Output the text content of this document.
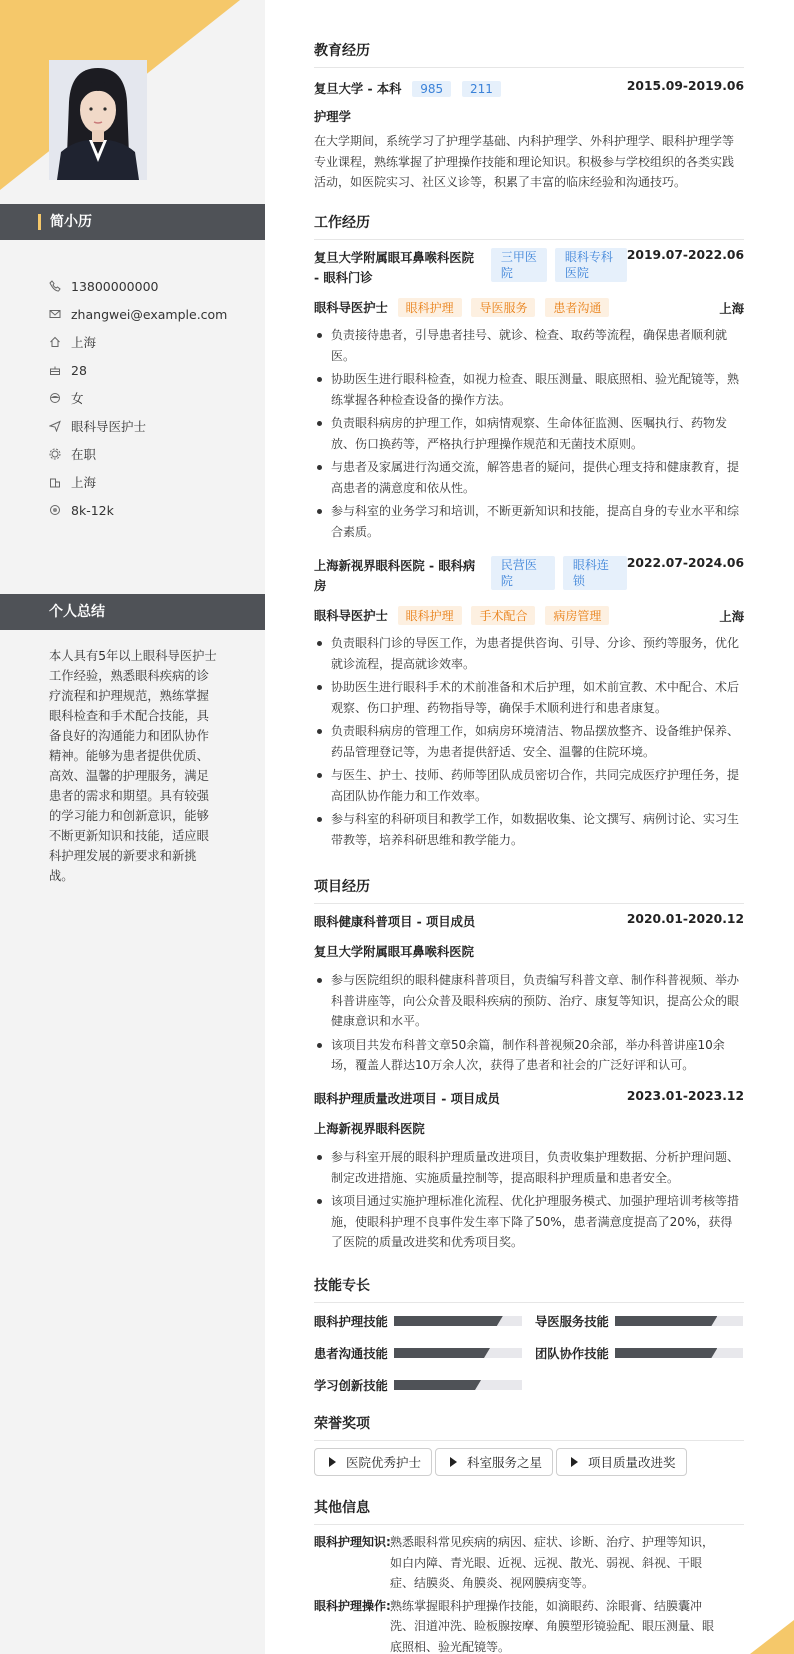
简小历
13800000000
zhangwei@example.com
上海
28
女
眼科导医护士
在职
上海
8k-12k
个人总结
本人具有5年以上眼科导医护士工作经验，熟悉眼科疾病的诊疗流程和护理规范，熟练掌握眼科检查和手术配合技能，具备良好的沟通能力和团队协作精神。能够为患者提供优质、高效、温馨的护理服务，满足患者的需求和期望。具有较强的学习能力和创新意识，能够不断更新知识和技能，适应眼科护理发展的新要求和新挑战。
教育经历
复旦大学 - 本科 985 211	2015.09-2019.06
护理学
在大学期间，系统学习了护理学基础、内科护理学、外科护理学、眼科护理学等专业课程，熟练掌握了护理操作技能和理论知识。积极参与学校组织的各类实践活动，如医院实习、社区义诊等，积累了丰富的临床经验和沟通技巧。
工作经历
复旦大学附属眼耳鼻喉科医院 - 眼科门诊
三甲医院
眼科专科医院
2019.07-2022.06
眼科导医护士 眼科护理 导医服务 患者沟通	上海
负责接待患者，引导患者挂号、就诊、检查、取药等流程，确保患者顺利就医。
协助医生进行眼科检查，如视力检查、眼压测量、眼底照相、验光配镜等，熟练掌握各种检查设备的操作方法。
负责眼科病房的护理工作，如病情观察、生命体征监测、医嘱执行、药物发放、伤口换药等，严格执行护理操作规范和无菌技术原则。
与患者及家属进行沟通交流，解答患者的疑问，提供心理支持和健康教育，提高患者的满意度和依从性。
参与科室的业务学习和培训，不断更新知识和技能，提高自身的专业水平和综合素质。
上海新视界眼科医院 - 眼科病房
民营医院
眼科连锁
2022.07-2024.06
眼科导医护士 眼科护理 手术配合 病房管理	上海
负责眼科门诊的导医工作，为患者提供咨询、引导、分诊、预约等服务，优化就诊流程，提高就诊效率。
协助医生进行眼科手术的术前准备和术后护理，如术前宣教、术中配合、术后观察、伤口护理、药物指导等，确保手术顺利进行和患者康复。
负责眼科病房的管理工作，如病房环境清洁、物品摆放整齐、设备维护保养、药品管理登记等，为患者提供舒适、安全、温馨的住院环境。
与医生、护士、技师、药师等团队成员密切合作，共同完成医疗护理任务，提高团队协作能力和工作效率。
参与科室的科研项目和教学工作，如数据收集、论文撰写、病例讨论、实习生带教等，培养科研思维和教学能力。
项目经历
眼科健康科普项目 - 项目成员	2020.01-2020.12
复旦大学附属眼耳鼻喉科医院
参与医院组织的眼科健康科普项目，负责编写科普文章、制作科普视频、举办科普讲座等，向公众普及眼科疾病的预防、治疗、康复等知识，提高公众的眼健康意识和水平。
该项目共发布科普文章50余篇，制作科普视频20余部，举办科普讲座10余场，覆盖人群达10万余人次，获得了患者和社会的广泛好评和认可。
眼科护理质量改进项目 - 项目成员	2023.01-2023.12
上海新视界眼科医院
参与科室开展的眼科护理质量改进项目，负责收集护理数据、分析护理问题、制定改进措施、实施质量控制等，提高眼科护理质量和患者安全。
该项目通过实施护理标准化流程、优化护理服务模式、加强护理培训考核等措施，使眼科护理不良事件发生率下降了50%，患者满意度提高了20%，获得了医院的质量改进奖和优秀项目奖。
技能专长
眼科护理技能	导医服务技能
患者沟通技能	团队协作技能
学习创新技能
荣誉奖项
医院优秀护士	科室服务之星	项目质量改进奖
其他信息
眼科护理知识: 熟悉眼科常见疾病的病因、症状、诊断、治疗、护理等知识，如白内障、青光眼、近视、远视、散光、弱视、斜视、干眼症、结膜炎、角膜炎、视网膜病变等。
眼科护理操作: 熟练掌握眼科护理操作技能，如滴眼药、涂眼膏、结膜囊冲洗、泪道冲洗、睑板腺按摩、角膜塑形镜验配、眼压测量、眼底照相、验光配镜等。
